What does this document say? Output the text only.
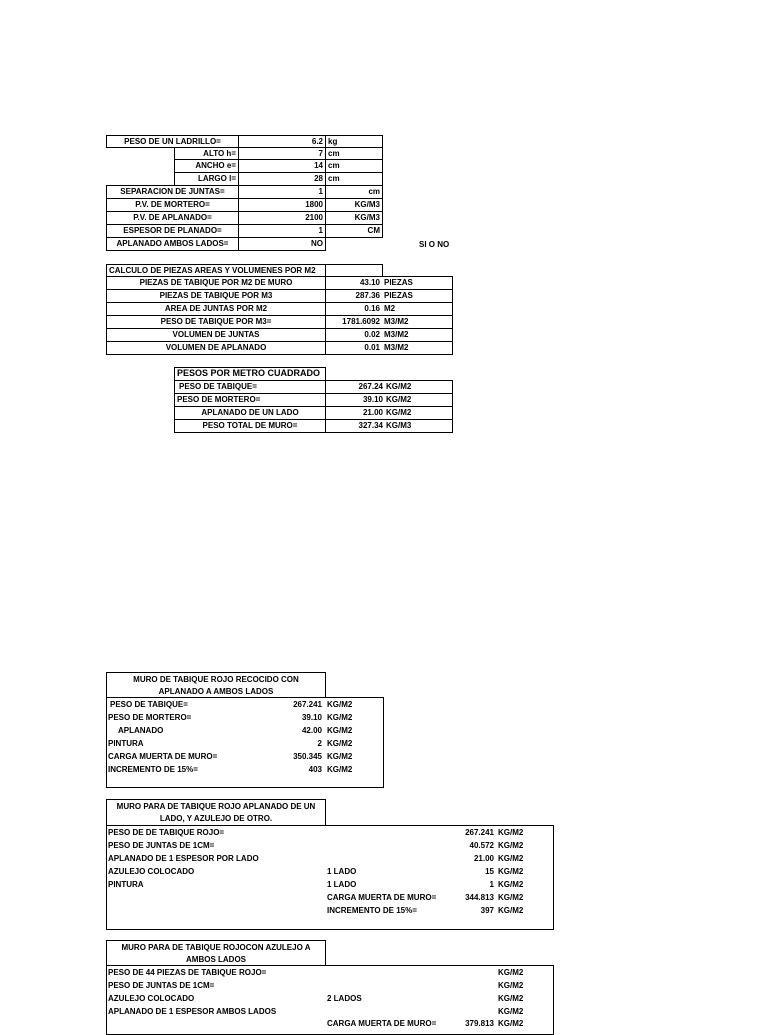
PESO DE UN LADRILLO=	6.2 kg
ALTO h=	7 cm
ANCHO e=	14 cm
LARGO l=	28 cm
SEPARACION DE JUNTAS=	1	cm
P.V. DE MORTERO=	1800	KG/M3
P.V. DE APLANADO=	2100	KG/M3
ESPESOR DE PLANADO=	1	CM
APLANADO AMBOS LADOS=	NO	SI O NO
CALCULO DE PIEZAS AREAS Y VOLUMENES POR M2
PIEZAS DE TABIQUE POR M2 DE MURO	43.10 PIEZAS
PIEZAS DE TABIQUE POR M3	287.36 PIEZAS
AREA DE JUNTAS POR M2	0.16 M2
PESO DE TABIQUE POR M3=	1781.6092 M3/M2
VOLUMEN DE JUNTAS	0.02 M3/M2
VOLUMEN DE APLANADO	0.01 M3/M2
PESOS POR METRO CUADRADO
PESO DE TABIQUE=	267.24 KG/M2
PESO DE MORTERO=	39.10 KG/M2
APLANADO DE UN LADO	21.00 KG/M2
PESO TOTAL DE MURO=	327.34 KG/M3
MURO DE TABIQUE ROJO RECOCIDO CON
APLANADO A AMBOS LADOS
PESO DE TABIQUE=	267.241 KG/M2
PESO DE MORTERO=	39.10 KG/M2
APLANADO	42.00 KG/M2
PINTURA	2 KG/M2
CARGA MUERTA DE MURO=	350.345 KG/M2
INCREMENTO DE 15%=	403 KG/M2
MURO PARA DE TABIQUE ROJO APLANADO DE UN
LADO, Y AZULEJO DE OTRO.
PESO DE DE TABIQUE ROJO=	267.241 KG/M2
PESO DE JUNTAS DE 1CM=	40.572 KG/M2
APLANADO DE 1 ESPESOR POR LADO	21.00 KG/M2
AZULEJO COLOCADO	1 LADO	15 KG/M2
PINTURA	1 LADO	1 KG/M2
CARGA MUERTA DE MURO=	344.813 KG/M2
INCREMENTO DE 15%=	397 KG/M2
MURO PARA DE TABIQUE ROJOCON AZULEJO A
AMBOS LADOS
PESO DE 44 PIEZAS DE TABIQUE ROJO=	KG/M2
PESO DE JUNTAS DE 1CM=	KG/M2
AZULEJO COLOCADO	2 LADOS	KG/M2
APLANADO DE 1 ESPESOR AMBOS LADOS	KG/M2
CARGA MUERTA DE MURO=	379.813 KG/M2
